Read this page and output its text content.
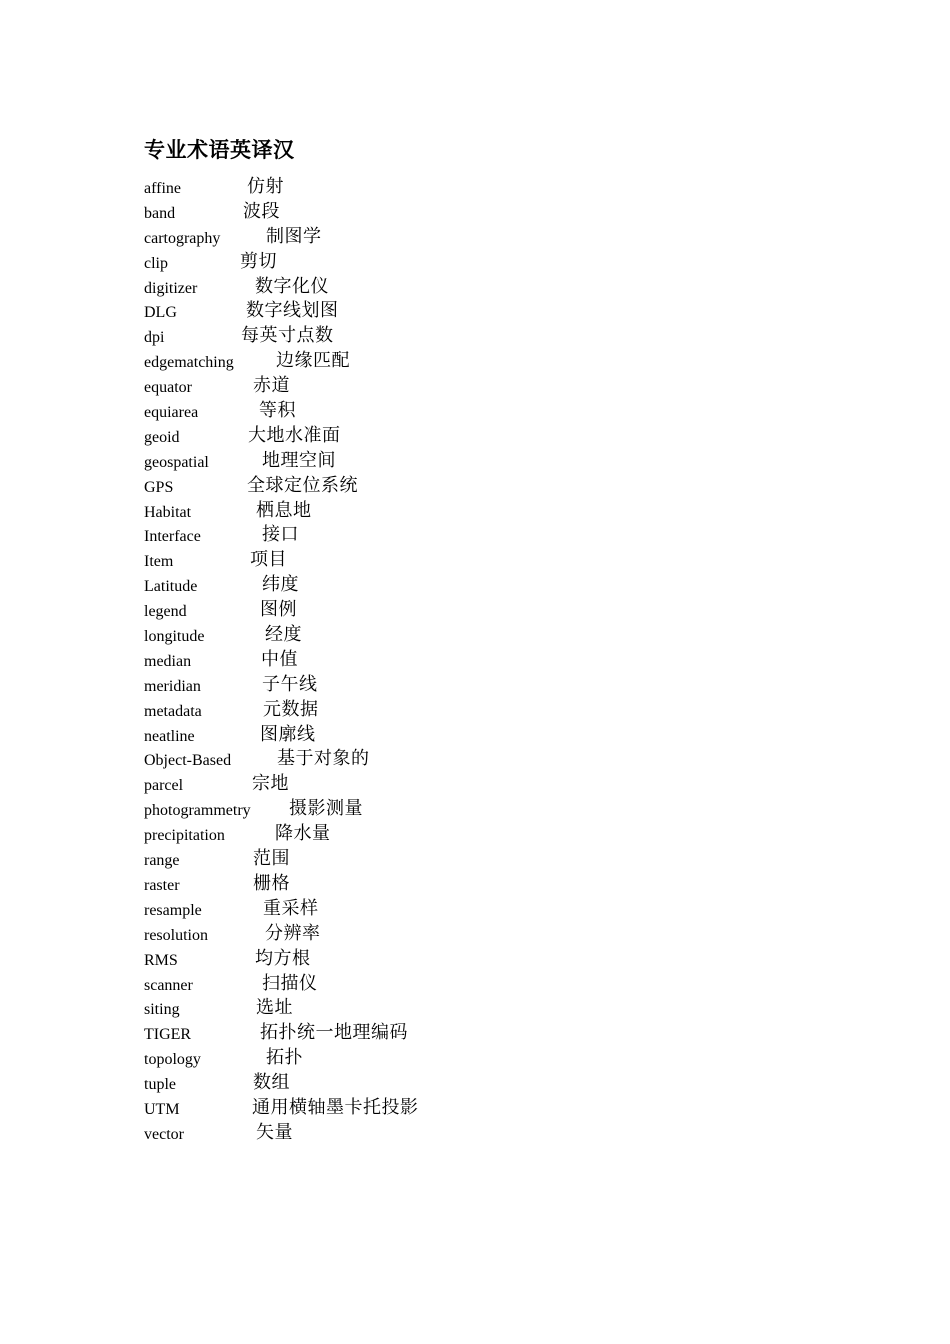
专业术语英译汉
affine	仿射
band	波段
cartography	制图学
clip	剪切
digitizer	数字化仪
DLG	数字线划图
dpi	每英寸点数
edgematching 边缘匹配
equator	赤道
equiarea	等积
geoid	大地水准面
geospatial	地理空间
GPS	全球定位系统
Habitat	栖息地
Interface	接口
Item	项目
Latitude	纬度
legend	图例
longitude	经度
median	中值
meridian	子午线
metadata	元数据
neatline	图廓线
Object-Based	基于对象的
parcel	宗地
photogrammetry 摄影测量
precipitation	降水量
range	范围
raster	栅格
resample	重采样
resolution	分辨率
RMS	均方根
scanner	扫描仪
siting	选址
TIGER	拓扑统一地理编码
topology	拓扑
tuple	数组
UTM	通用横轴墨卡托投影
vector	矢量
